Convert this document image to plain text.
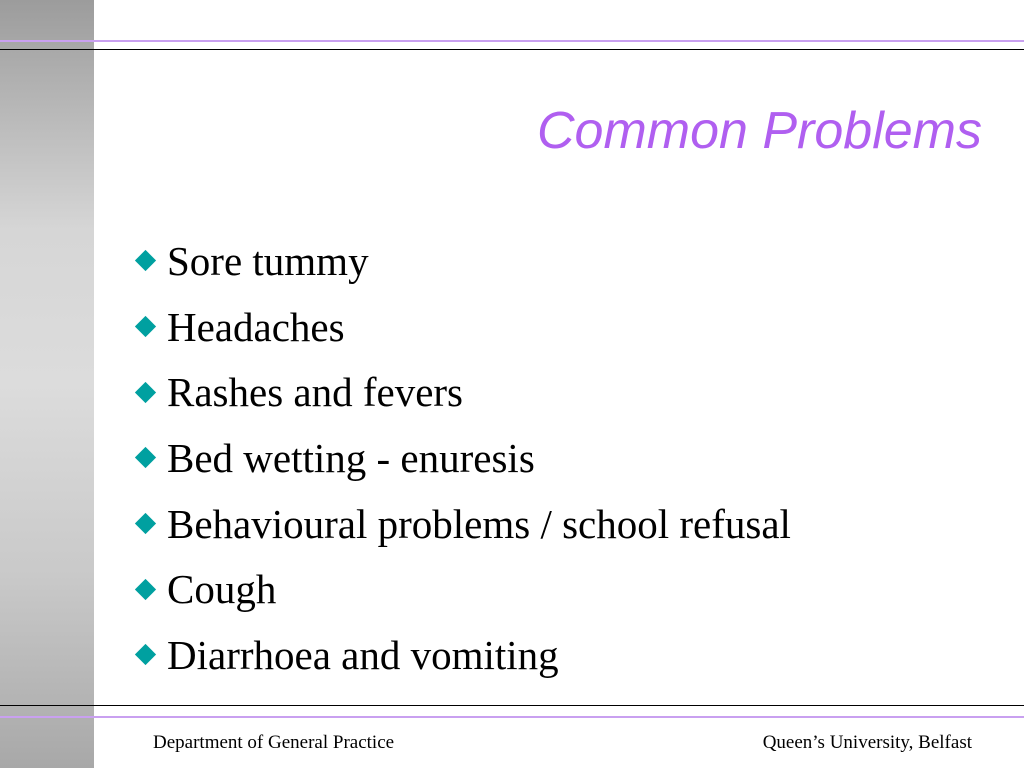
Common Problems
Sore tummy
Headaches
Rashes and fevers
Bed wetting - enuresis
Behavioural problems / school refusal
Cough
Diarrhoea and vomiting
Department of General Practice	Queen’s University, Belfast
